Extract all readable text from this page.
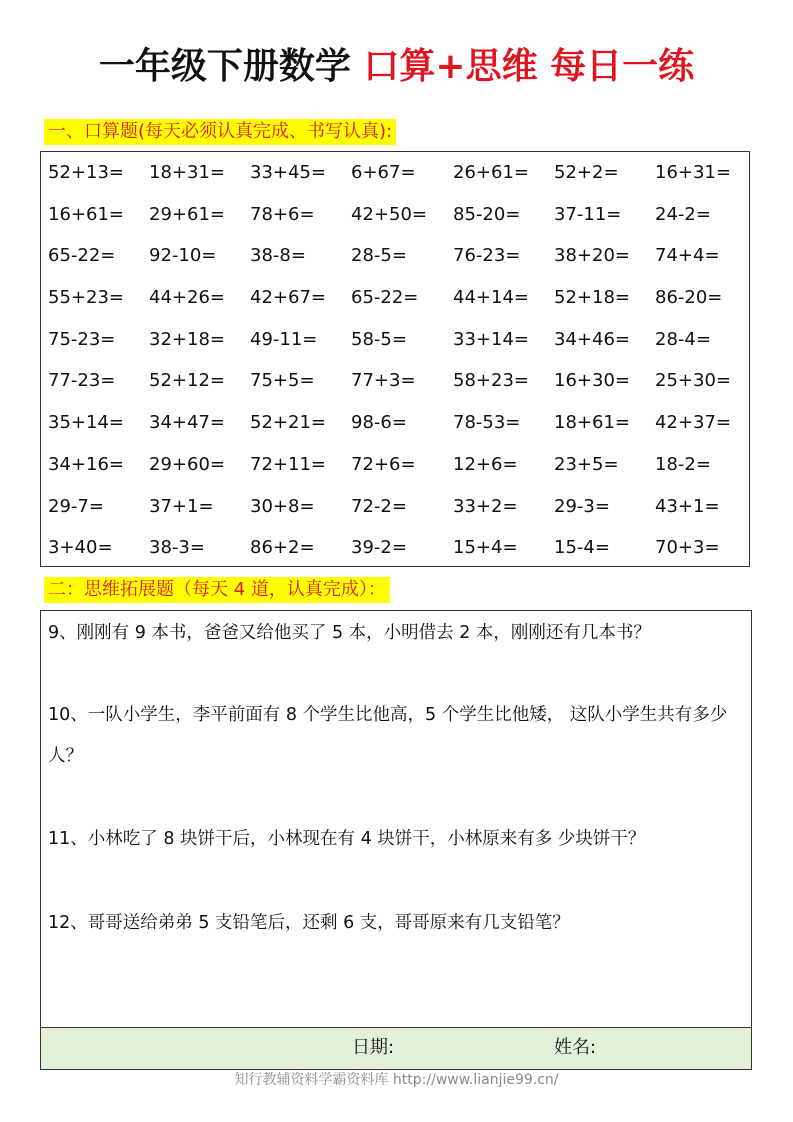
一年级下册数学 口算+思维 每日一练
一、口算题(每天必须认真完成、书写认真):
52+13=	18+31=	33+45=	6+67=	26+61=	52+2=	16+31=
16+61=	29+61=	78+6=	42+50=	85-20=	37-11=	24-2=
65-22=	92-10=	38-8=	28-5=	76-23=	38+20=	74+4=
55+23=	44+26=	42+67=	65-22=	44+14=	52+18=	86-20=
75-23=	32+18=	49-11=	58-5=	33+14=	34+46=	28-4=
77-23=	52+12=	75+5=	77+3=	58+23=	16+30=	25+30=
35+14=	34+47=	52+21=	98-6=	78-53=	18+61=	42+37=
34+16=	29+60=	72+11=	72+6=	12+6=	23+5=	18-2=
29-7=	37+1=	30+8=	72-2=	33+2=	29-3=	43+1=
3+40=	38-3=	86+2=	39-2=	15+4=	15-4=	70+3=
二：思维拓展题（每天 4 道，认真完成）：
9、刚刚有 9 本书，爸爸又给他买了 5 本，小明借去 2 本，刚刚还有几本书？
10、一队小学生，李平前面有 8 个学生比他高，5 个学生比他矮， 这队小学生共有多少人？
11、小林吃了 8 块饼干后，小林现在有 4 块饼干，小林原来有多 少块饼干？
12、哥哥送给弟弟 5 支铅笔后，还剩 6 支，哥哥原来有几支铅笔？
日期:	姓名:
知行教辅资料学霸资料库 http://www.lianjie99.cn/
